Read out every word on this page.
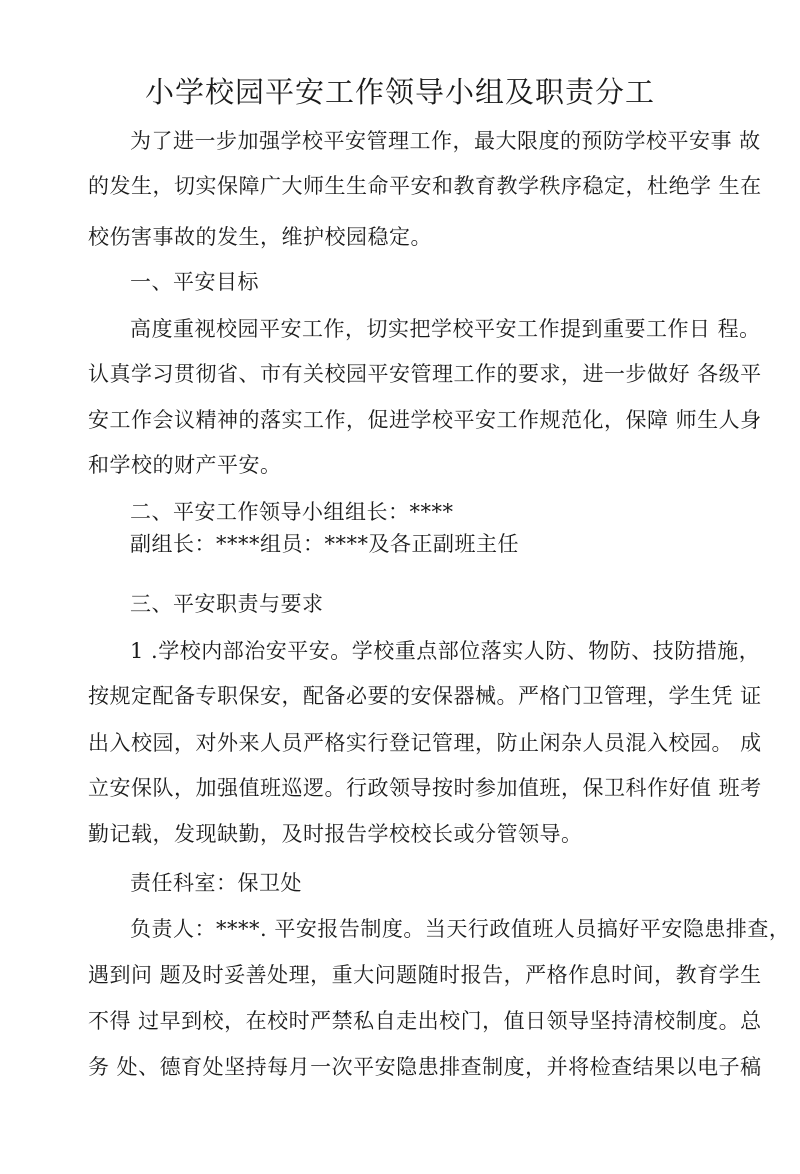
小学校园平安工作领导小组及职责分工
为了进一步加强学校平安管理工作，最大限度的预防学校平安事 故
的发生，切实保障广大师生生命平安和教育教学秩序稳定，杜绝学 生在
校伤害事故的发生，维护校园稳定。
一、平安目标
高度重视校园平安工作，切实把学校平安工作提到重要工作日 程。
认真学习贯彻省、市有关校园平安管理工作的要求，进一步做好 各级平
安工作会议精神的落实工作，促进学校平安工作规范化，保障 师生人身
和学校的财产平安。
二、平安工作领导小组组长：****
副组长：****组员：****及各正副班主任
三、平安职责与要求
1 .学校内部治安平安。学校重点部位落实人防、物防、技防措施，
按规定配备专职保安，配备必要的安保器械。严格门卫管理，学生凭 证
出入校园，对外来人员严格实行登记管理，防止闲杂人员混入校园。 成
立安保队，加强值班巡逻。行政领导按时参加值班，保卫科作好值 班考
勤记载，发现缺勤，及时报告学校校长或分管领导。
责任科室：保卫处
负责人：****. 平安报告制度。当天行政值班人员搞好平安隐患排查，
遇到问 题及时妥善处理，重大问题随时报告，严格作息时间，教育学生
不得 过早到校，在校时严禁私自走出校门，值日领导坚持清校制度。总
务 处、德育处坚持每月一次平安隐患排查制度，并将检查结果以电子稿
